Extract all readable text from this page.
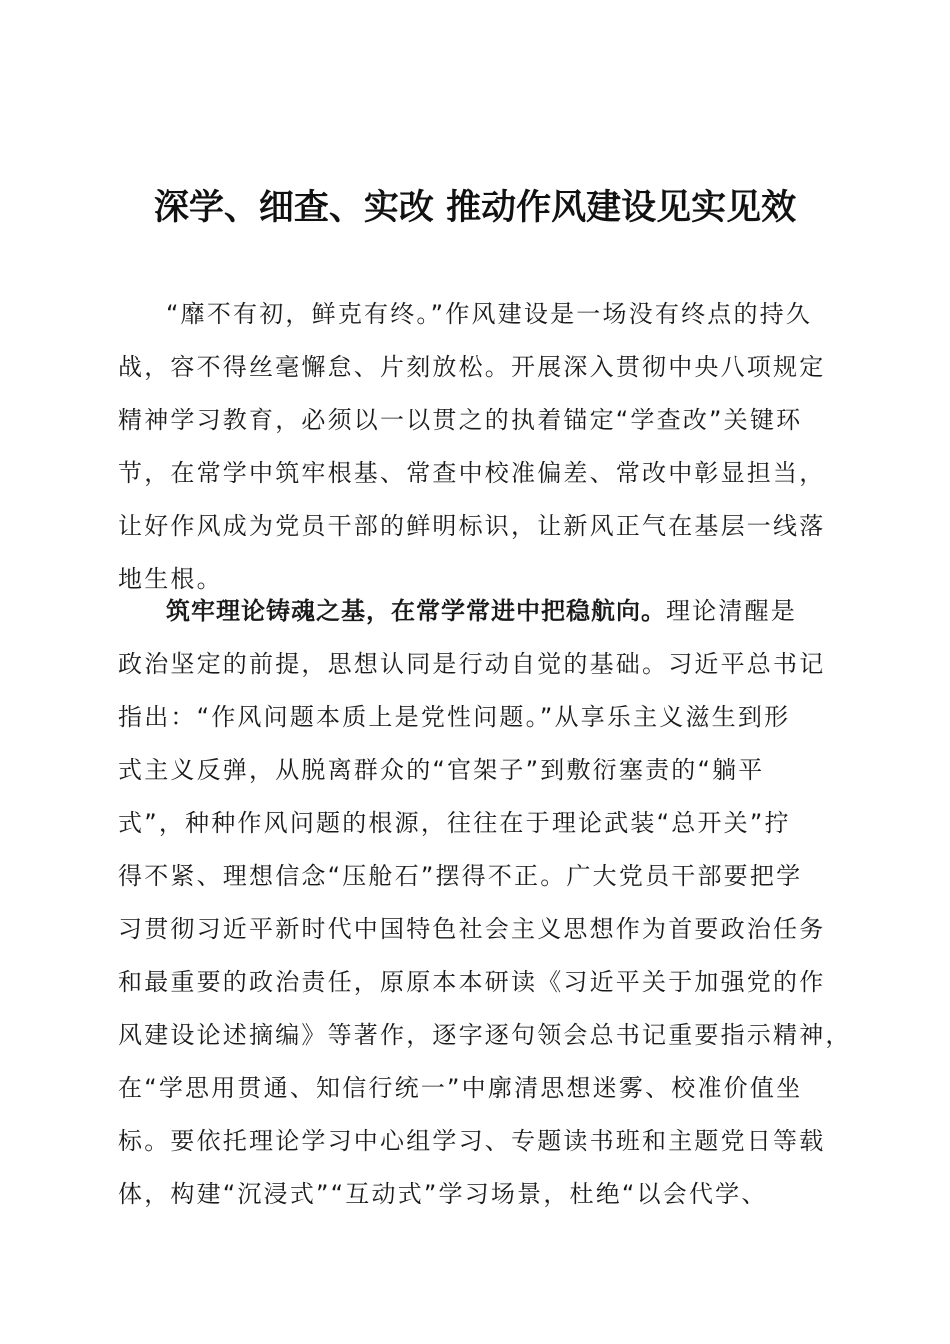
深学、细查、实改 推动作风建设见实见效
“靡不有初，鲜克有终。”作风建设是一场没有终点的持久
战，容不得丝毫懈怠、片刻放松。开展深入贯彻中央八项规定
精神学习教育，必须以一以贯之的执着锚定“学查改”关键环
节，在常学中筑牢根基、常查中校准偏差、常改中彰显担当，
让好作风成为党员干部的鲜明标识，让新风正气在基层一线落
地生根。
筑牢理论铸魂之基，在常学常进中把稳航向。理论清醒是
政治坚定的前提，思想认同是行动自觉的基础。习近平总书记
指出：“作风问题本质上是党性问题。”从享乐主义滋生到形
式主义反弹，从脱离群众的“官架子”到敷衍塞责的“躺平
式”，种种作风问题的根源，往往在于理论武装“总开关”拧
得不紧、理想信念“压舱石”摆得不正。广大党员干部要把学
习贯彻习近平新时代中国特色社会主义思想作为首要政治任务
和最重要的政治责任，原原本本研读《习近平关于加强党的作
风建设论述摘编》等著作，逐字逐句领会总书记重要指示精神，
在“学思用贯通、知信行统一”中廓清思想迷雾、校准价值坐
标。要依托理论学习中心组学习、专题读书班和主题党日等载
体，构建“沉浸式”“互动式”学习场景，杜绝“以会代学、
